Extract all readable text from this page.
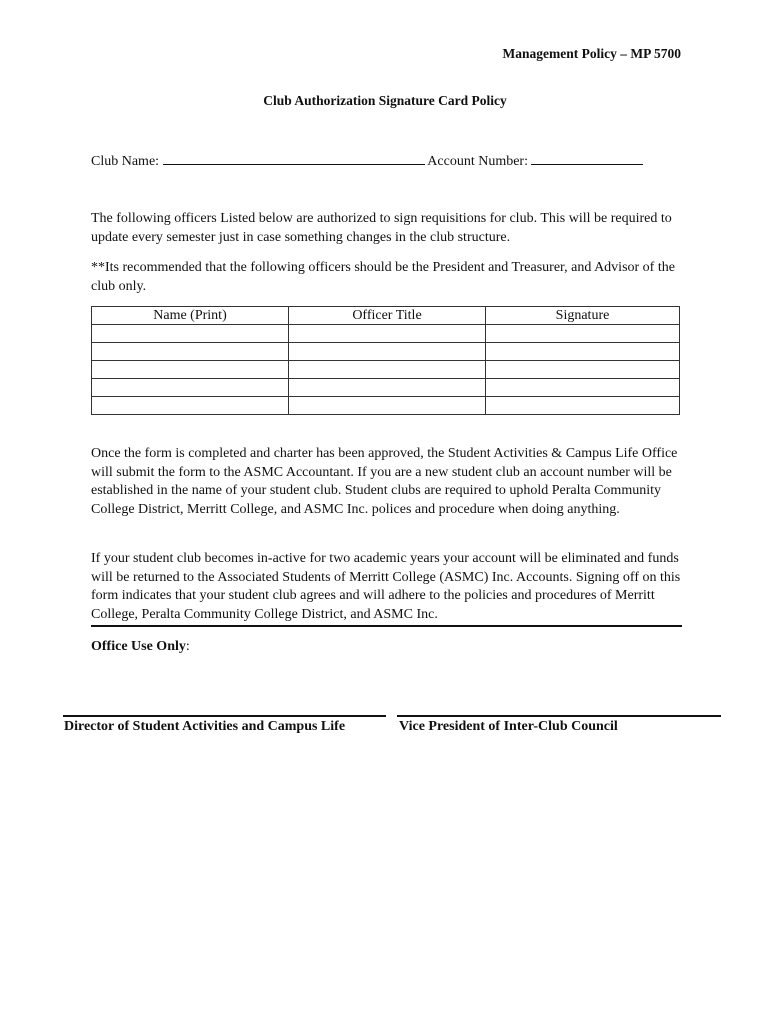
Management Policy – MP 5700
Club Authorization Signature Card Policy
Club Name:	Account Number:
The following officers Listed below are authorized to sign requisitions for club. This will be required to update every semester just in case something changes in the club structure.
**Its recommended that the following officers should be the President and Treasurer, and Advisor of the club only.
Name (Print)	Officer Title	Signature

Once the form is completed and charter has been approved, the Student Activities & Campus Life Office will submit the form to the ASMC Accountant. If you are a new student club an account number will be established in the name of your student club. Student clubs are required to uphold Peralta Community College District, Merritt College, and ASMC Inc. polices and procedure when doing anything.
If your student club becomes in-active for two academic years your account will be eliminated and funds will be returned to the Associated Students of Merritt College (ASMC) Inc. Accounts. Signing off on this form indicates that your student club agrees and will adhere to the policies and procedures of Merritt College, Peralta Community College District, and ASMC Inc.
Office Use Only:
Director of Student Activities and Campus Life	Vice President of Inter-Club Council
